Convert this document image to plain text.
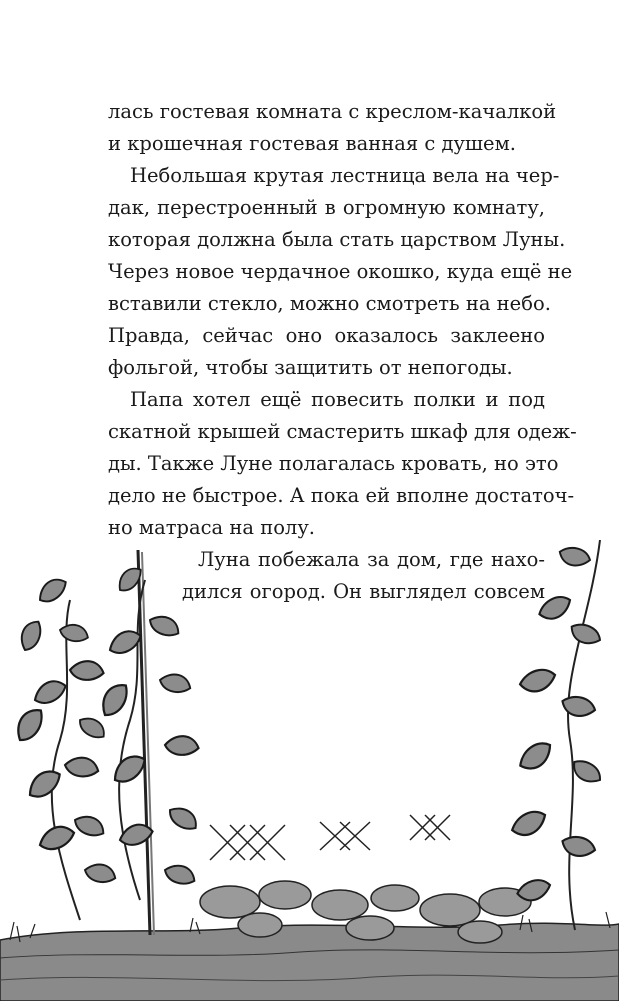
лась гостевая комната с креслом-качалкой
и крошечная гостевая ванная с душем.
Небольшая крутая лестница вела на чер-
дак, перестроенный в огромную комнату,
которая должна была стать царством Луны.
Через новое чердачное окошко, куда ещё не
вставили стекло, можно смотреть на небо.
Правда, сейчас оно оказалось заклеено
фольгой, чтобы защитить от непогоды.
Папа хотел ещё повесить полки и под
скатной крышей смастерить шкаф для одеж-
ды. Также Луне полагалась кровать, но это
дело не быстрое. А пока ей вполне достаточ-
но матраса на полу.
Луна побежала за дом, где нахо-
дился огород. Он выглядел совсем
